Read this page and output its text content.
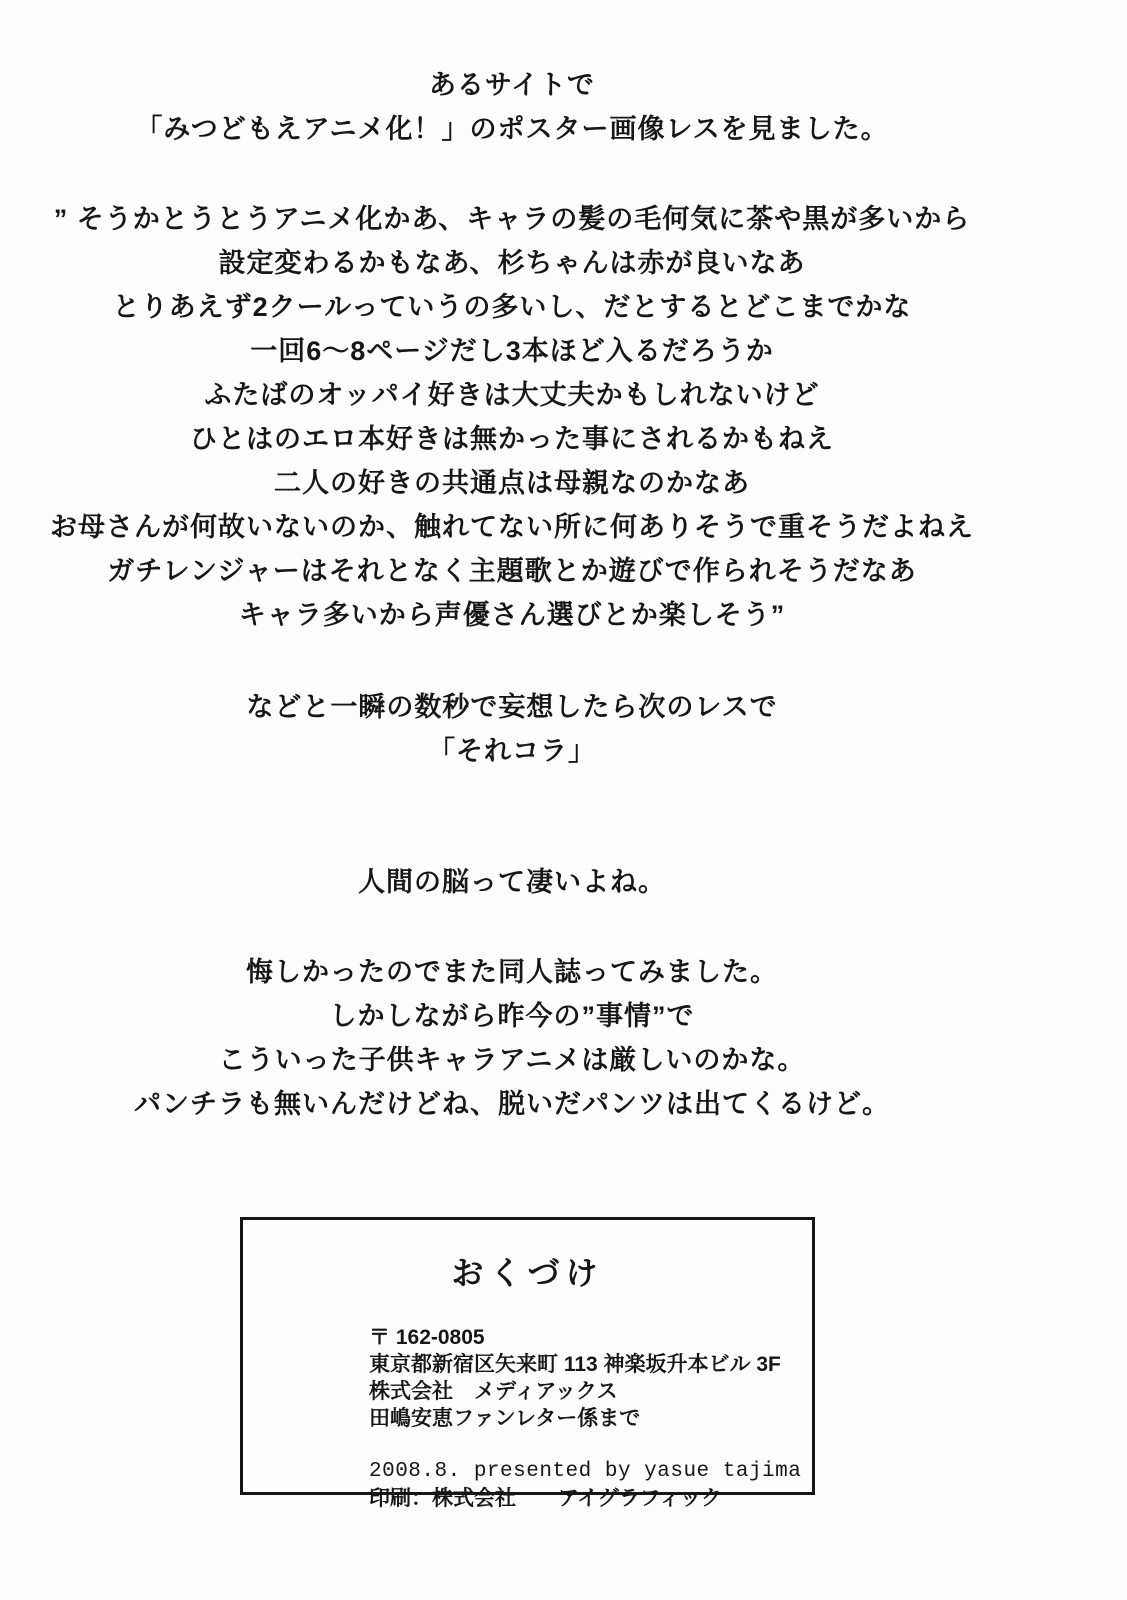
あるサイトで
「みつどもえアニメ化！」のポスター画像レスを見ました。
” そうかとうとうアニメ化かあ、キャラの髪の毛何気に茶や黒が多いから
設定変わるかもなあ、杉ちゃんは赤が良いなあ
とりあえず2クールっていうの多いし、だとするとどこまでかな
一回6～8ページだし3本ほど入るだろうか
ふたばのオッパイ好きは大丈夫かもしれないけど
ひとはのエロ本好きは無かった事にされるかもねえ
二人の好きの共通点は母親なのかなあ
お母さんが何故いないのか、触れてない所に何ありそうで重そうだよねえ
ガチレンジャーはそれとなく主題歌とか遊びで作られそうだなあ
キャラ多いから声優さん選びとか楽しそう”
などと一瞬の数秒で妄想したら次のレスで
「それコラ」
人間の脳って凄いよね。
悔しかったのでまた同人誌ってみました。
しかしながら昨今の”事情”で
こういった子供キャラアニメは厳しいのかな。
パンチラも無いんだけどね、脱いだパンツは出てくるけど。
おくづけ
〒 162-0805
東京都新宿区矢来町 113 神楽坂升本ビル 3F
株式会社　メディアックス
田嶋安恵ファンレター係まで
2008.8. presented by yasue tajima
印刷：株式会社　　アイグラフィック
